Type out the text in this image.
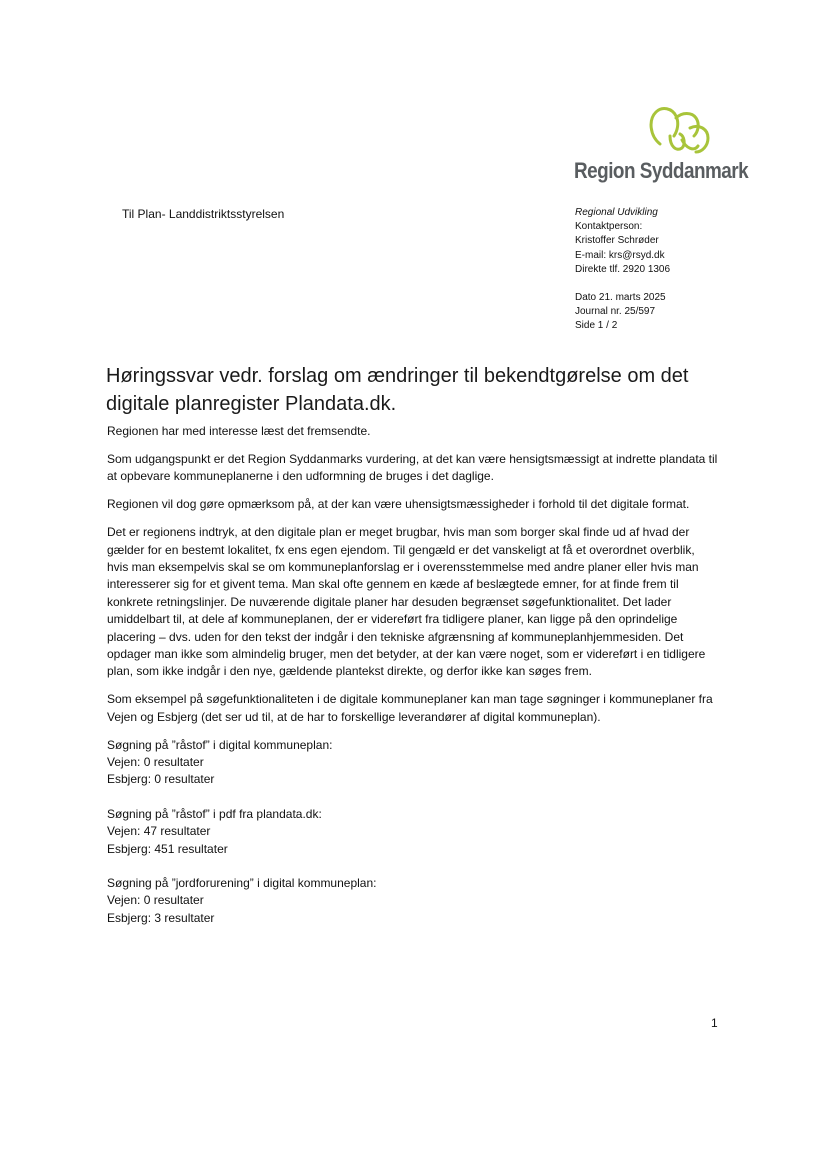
Region Syddanmark
Til Plan- Landdistriktsstyrelsen	Regional Udvikling
Kontaktperson:
Kristoffer Schrøder
E-mail: krs@rsyd.dk
Direkte tlf. 2920 1306
Dato 21. marts 2025
Journal nr. 25/597
Side 1 / 2
Høringssvar vedr. forslag om ændringer til bekendtgørelse om det digitale planregister Plandata.dk.

Regionen har med interesse læst det fremsendte.

Som udgangspunkt er det Region Syddanmarks vurdering, at det kan være hensigtsmæssigt at indrette plandata til at opbevare kommuneplanerne i den udformning de bruges i det daglige.

Regionen vil dog gøre opmærksom på, at der kan være uhensigtsmæssigheder i forhold til det digitale format.

Det er regionens indtryk, at den digitale plan er meget brugbar, hvis man som borger skal finde ud af hvad der gælder for en bestemt lokalitet, fx ens egen ejendom. Til gengæld er det vanskeligt at få et overordnet overblik, hvis man eksempelvis skal se om kommuneplanforslag er i overensstemmelse med andre planer eller hvis man interesserer sig for et givent tema. Man skal ofte gennem en kæde af beslægtede emner, for at finde frem til konkrete retningslinjer. De nuværende digitale planer har desuden begrænset søgefunktionalitet. Det lader umiddelbart til, at dele af kommuneplanen, der er videreført fra tidligere planer, kan ligge på den oprindelige placering – dvs. uden for den tekst der indgår i den tekniske afgrænsning af kommuneplanhjemmesiden. Det opdager man ikke som almindelig bruger, men det betyder, at der kan være noget, som er videreført i en tidligere plan, som ikke indgår i den nye, gældende plantekst direkte, og derfor ikke kan søges frem.

Som eksempel på søgefunktionaliteten i de digitale kommuneplaner kan man tage søgninger i kommuneplaner fra Vejen og Esbjerg (det ser ud til, at de har to forskellige leverandører af digital kommuneplan).

Søgning på ”råstof” i digital kommuneplan:
Vejen: 0 resultater
Esbjerg: 0 resultater
Søgning på ”råstof” i pdf fra plandata.dk:
Vejen: 47 resultater
Esbjerg: 451 resultater
Søgning på ”jordforurening” i digital kommuneplan:
Vejen: 0 resultater
Esbjerg: 3 resultater
1
